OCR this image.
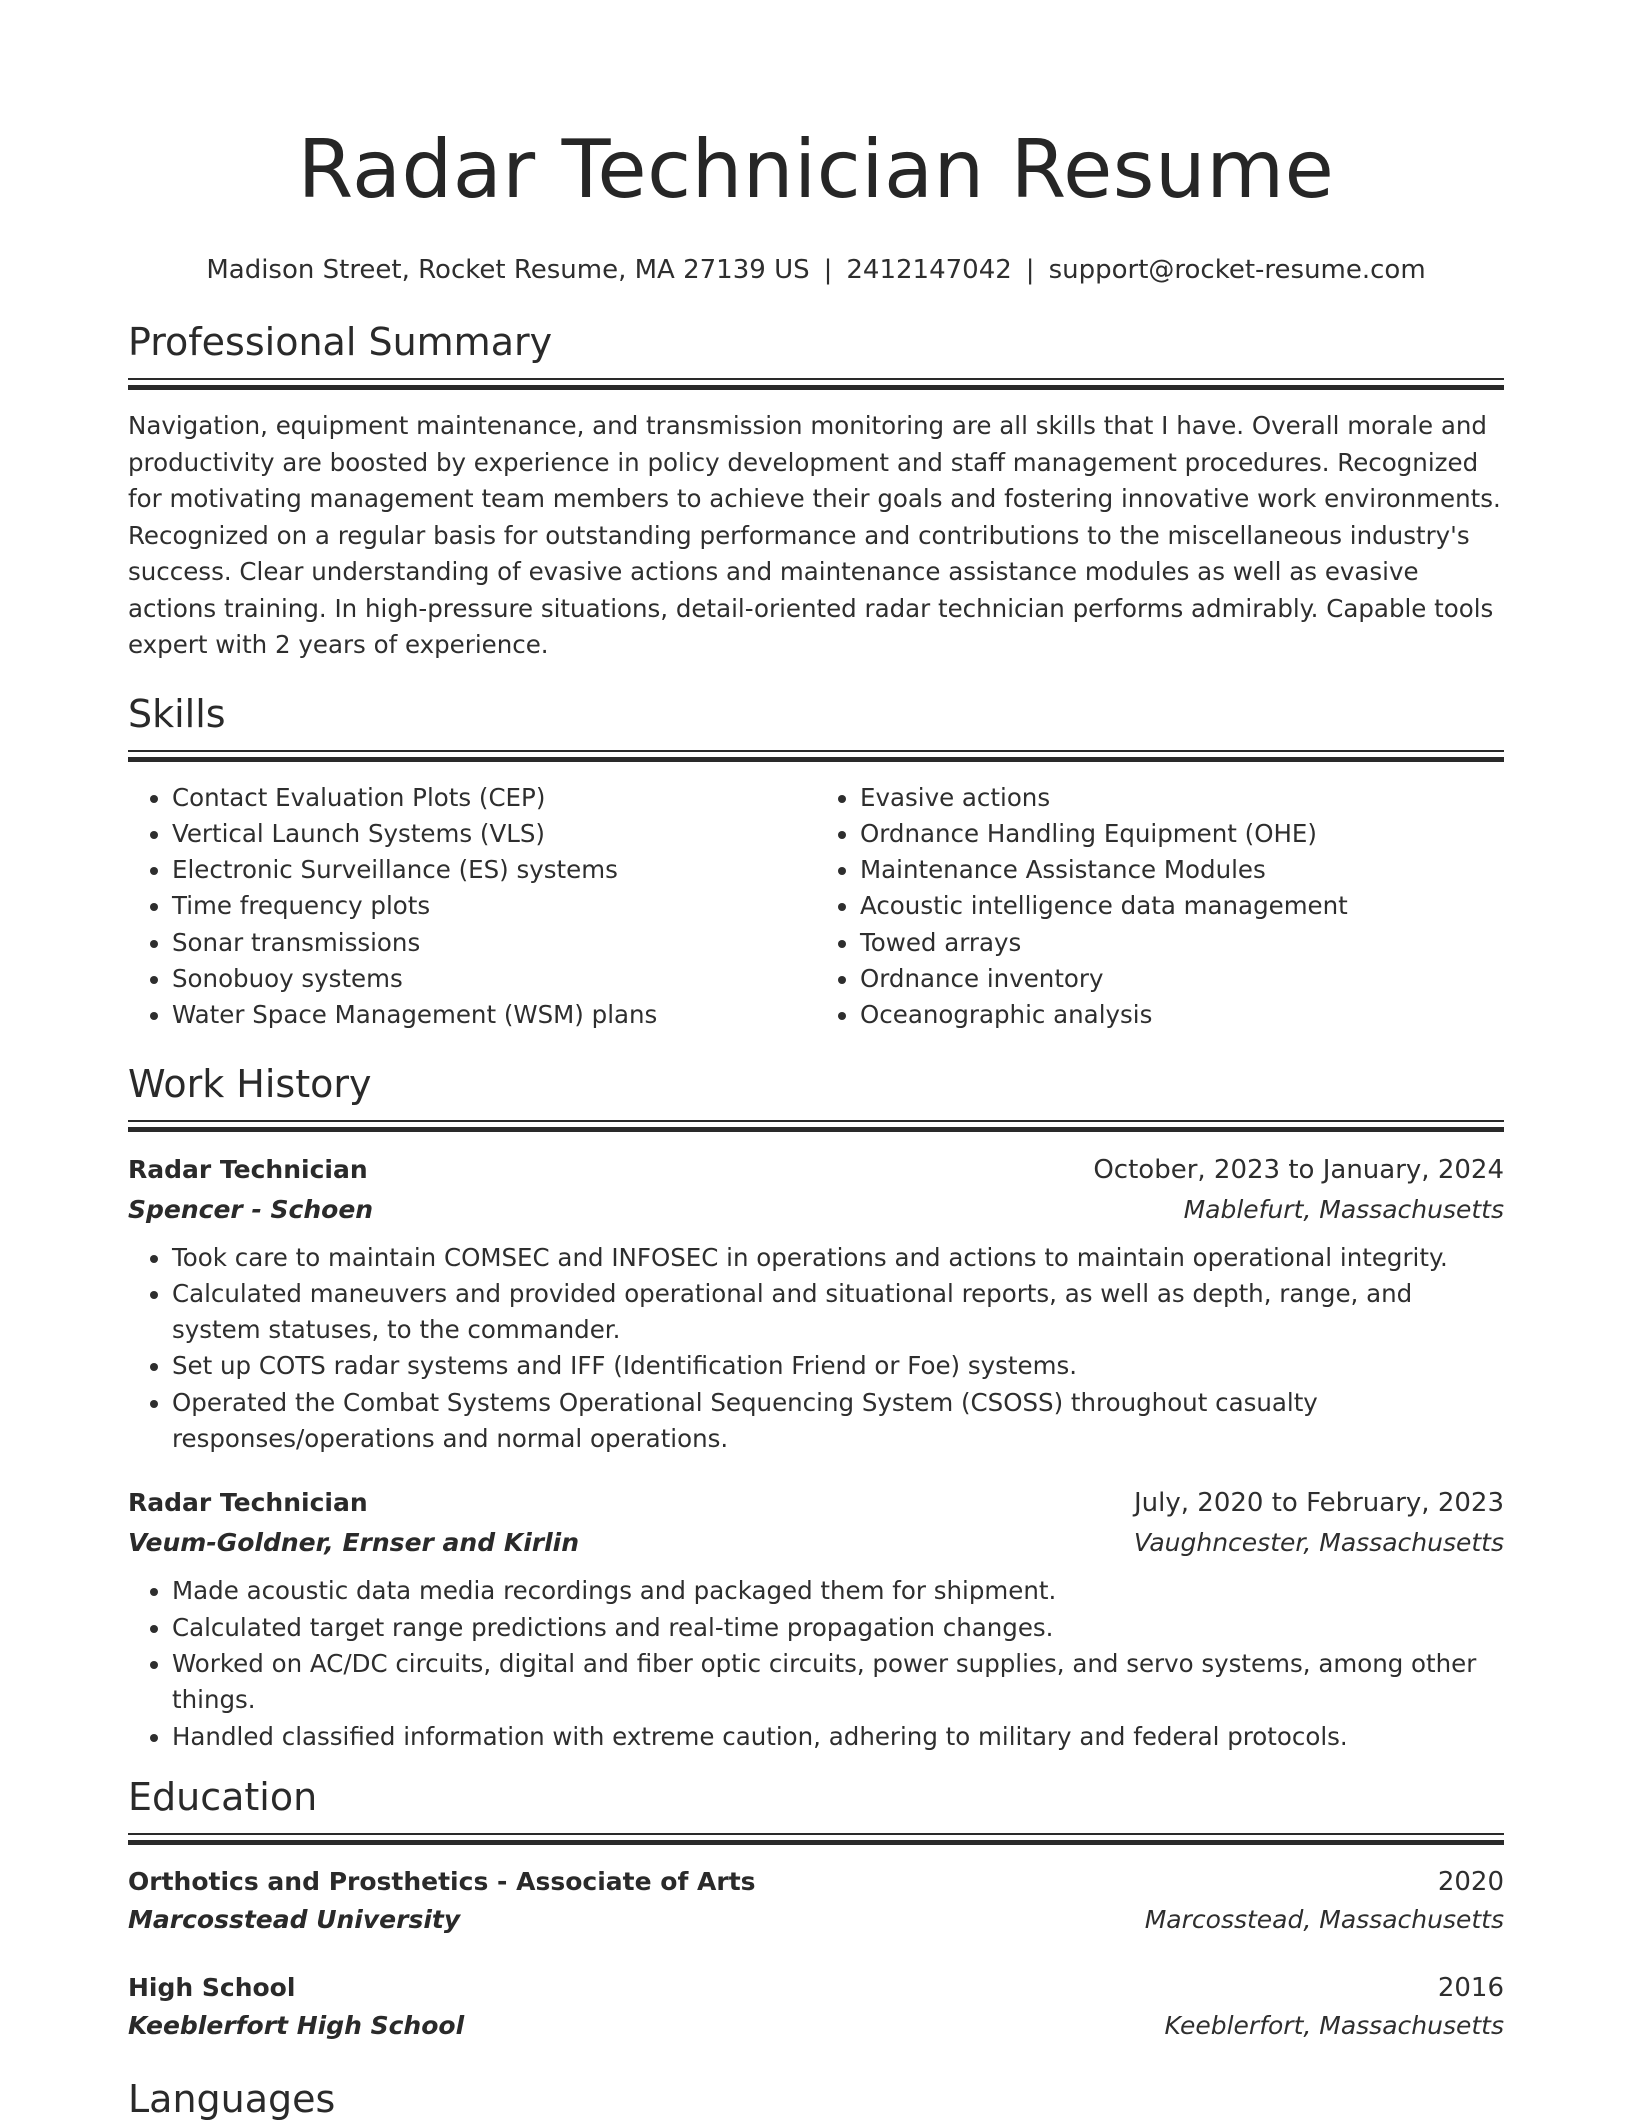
Radar Technician Resume
Madison Street, Rocket Resume, MA 27139 US | 2412147042 | support@rocket-resume.com
Professional Summary

Navigation, equipment maintenance, and transmission monitoring are all skills that I have. Overall morale and productivity are boosted by experience in policy development and staff management procedures. Recognized for motivating management team members to achieve their goals and fostering innovative work environments. Recognized on a regular basis for outstanding performance and contributions to the miscellaneous industry's success. Clear understanding of evasive actions and maintenance assistance modules as well as evasive actions training. In high-pressure situations, detail-oriented radar technician performs admirably. Capable tools expert with 2 years of experience.

Skills
• Contact Evaluation Plots (CEP)
• Vertical Launch Systems (VLS)
• Electronic Surveillance (ES) systems
• Time frequency plots
• Sonar transmissions
• Sonobuoy systems
• Water Space Management (WSM) plans
• Evasive actions
• Ordnance Handling Equipment (OHE)
• Maintenance Assistance Modules
• Acoustic intelligence data management
• Towed arrays
• Ordnance inventory
• Oceanographic analysis
Work History
Radar Technician	October, 2023 to January, 2024
Spencer - Schoen	Mablefurt, Massachusetts
• Took care to maintain COMSEC and INFOSEC in operations and actions to maintain operational integrity.
• Calculated maneuvers and provided operational and situational reports, as well as depth, range, and system statuses, to the commander.
• Set up COTS radar systems and IFF (Identification Friend or Foe) systems.
• Operated the Combat Systems Operational Sequencing System (CSOSS) throughout casualty responses/operations and normal operations.
Radar Technician	July, 2020 to February, 2023
Veum-Goldner, Ernser and Kirlin	Vaughncester, Massachusetts
• Made acoustic data media recordings and packaged them for shipment.
• Calculated target range predictions and real-time propagation changes.
• Worked on AC/DC circuits, digital and fiber optic circuits, power supplies, and servo systems, among other things.
• Handled classified information with extreme caution, adhering to military and federal protocols.
Education
Orthotics and Prosthetics - Associate of Arts	2020
Marcosstead University	Marcosstead, Massachusetts
High School	2016
Keeblerfort High School	Keeblerfort, Massachusetts
Languages
